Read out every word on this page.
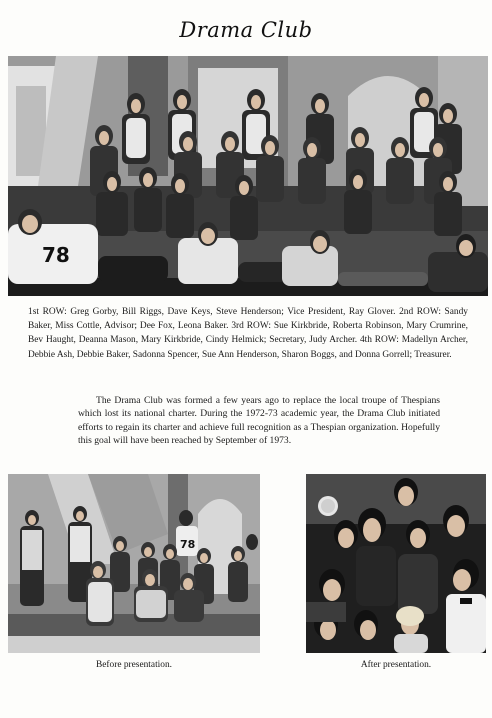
Drama Club
78
1st ROW: Greg Gorby, Bill Riggs, Dave Keys, Steve Henderson; Vice President, Ray Glover. 2nd ROW: Sandy Baker, Miss Cottle, Advisor; Dee Fox, Leona Baker. 3rd ROW: Sue Kirkbride, Roberta Robinson, Mary Crumrine, Bev Haught, Deanna Mason, Mary Kirkbride, Cindy Helmick; Secretary, Judy Archer. 4th ROW: Madellyn Archer, Debbie Ash, Debbie Baker, Sadonna Spencer, Sue Ann Henderson, Sharon Boggs, and Donna Gorrell; Treasurer.
The Drama Club was formed a few years ago to replace the local troupe of Thespians which lost its national charter. During the 1972-73 academic year, the Drama Club initiated efforts to regain its charter and achieve full recognition as a Thespian organization. Hopefully this goal will have been reached by September of 1973.
78
Before presentation.	After presentation.
